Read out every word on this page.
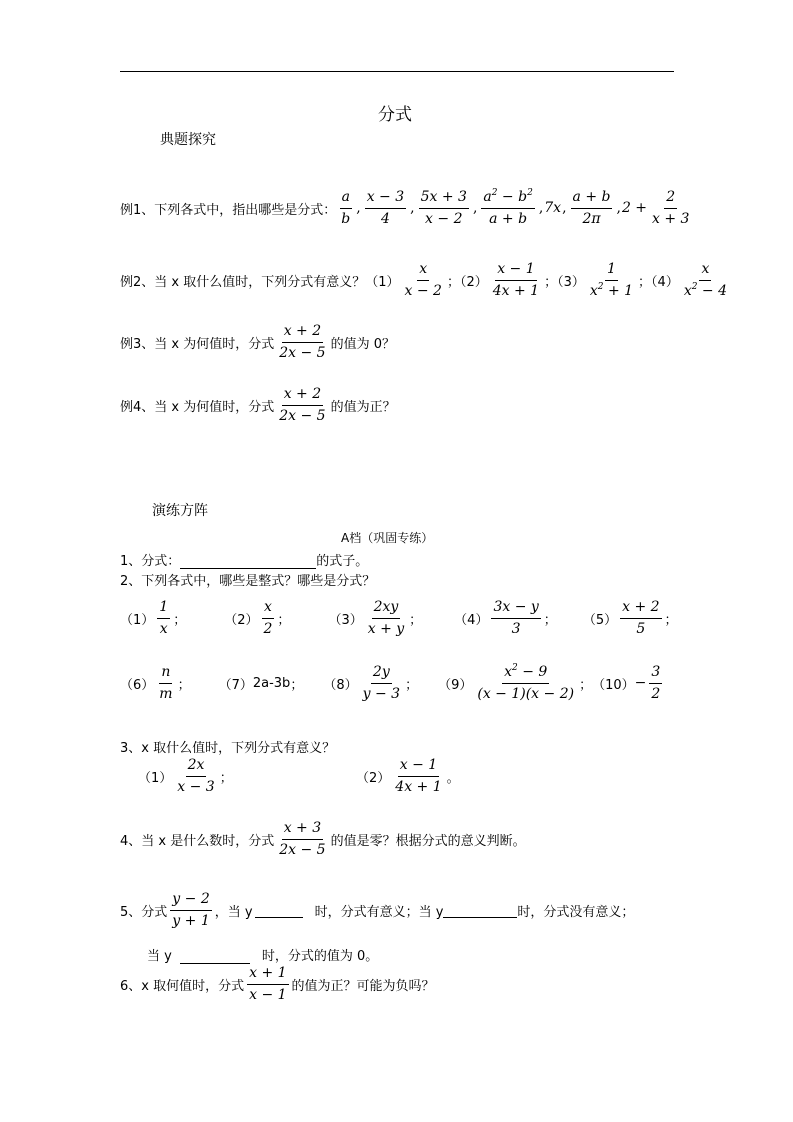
分式
典题探究
例1、下列各式中，指出哪些是分式： $\frac{a}{b}$ , $\frac{x - 3}{4}$ , $\frac{5x + 3}{x - 2}$ , $\frac{a^2 - b^2}{a + b}$ , 7x , $\frac{a + b}{2\pi}$ , $2 + \frac{2}{x + 3}$
例2、当 x 取什么值时，下列分式有意义？ $(1) \frac{x}{x - 2}$ ；$(2) \frac{x - 1}{4x + 1}$ ；$(3) \frac{1}{x^2 + 1}$ ；$(4) \frac{x}{x^2 - 4}$
例3、当 x 为何值时，分式 $\frac{x + 2}{2x - 5}$ 的值为 0？
例4、当 x 为何值时，分式 $\frac{x + 2}{2x - 5}$ 的值为正？
演练方阵
A档（巩固专练）
1、分式：	的式子。
2、下列各式中，哪些是整式？哪些是分式？
$(1) \frac{1}{x}$ ；	$(2) \frac{x}{2}$ ；	$(3) \frac{2xy}{x + y}$ ； $(4) \frac{3x - y}{3}$ ； $(5) \frac{x + 2}{5}$ ；
$(6) \frac{n}{m}$ ； （7） 2a-3b ； $(8) \frac{2y}{y - 3}$ ； $(9) \frac{x^2 - 9}{(x - 1)(x - 2)}$ ； $(10) - \frac{3}{2}$
3、x 取什么值时，下列分式有意义？
$(1) \frac{2x}{x - 3}$ ；	$(2) \frac{x - 1}{4x + 1}$ 。
4、当 x 是什么数时，分式 $\frac{x + 3}{2x - 5}$ 的值是零？根据分式的意义判断。
5、分式 $\frac{y - 2}{y + 1}$ ，当 y	时，分式有意义；当 y	时，分式没有意义；
当 y	时，分式的值为 0。
6、x 取何值时，分式 $\frac{x + 1}{x - 1}$ 的值为正？可能为负吗？
